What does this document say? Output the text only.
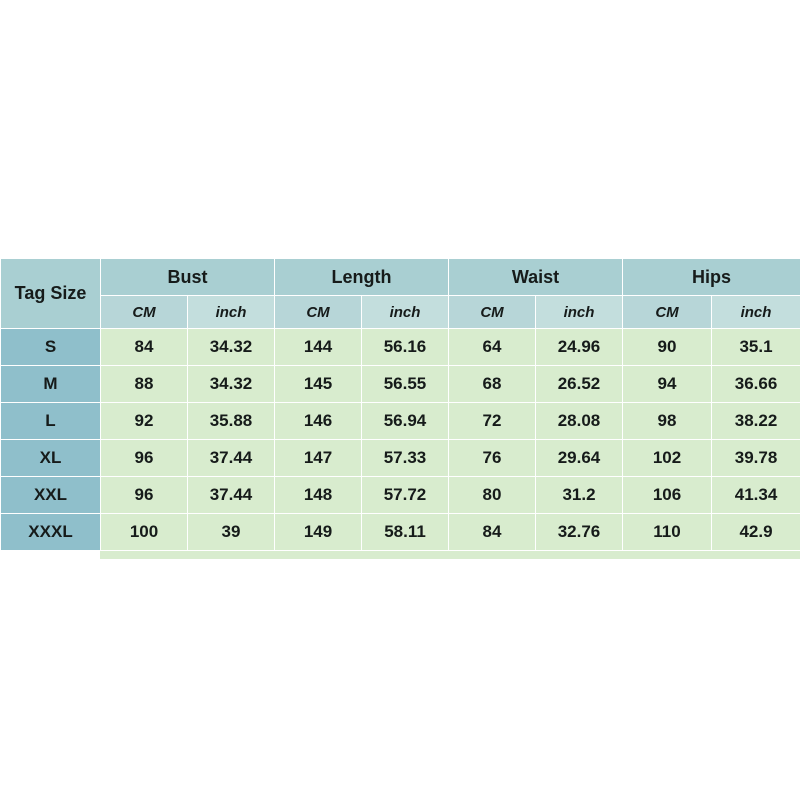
Tag Size	Bust		Length		Waist		Hips	
	CM	inch	CM	inch	CM	inch	CM	inch
S	84	34.32	144	56.16	64	24.96	90	35.1
M	88	34.32	145	56.55	68	26.52	94	36.66
L	92	35.88	146	56.94	72	28.08	98	38.22
XL	96	37.44	147	57.33	76	29.64	102	39.78
XXL	96	37.44	148	57.72	80	31.2	106	41.34
XXXL	100	39	149	58.11	84	32.76	110	42.9
